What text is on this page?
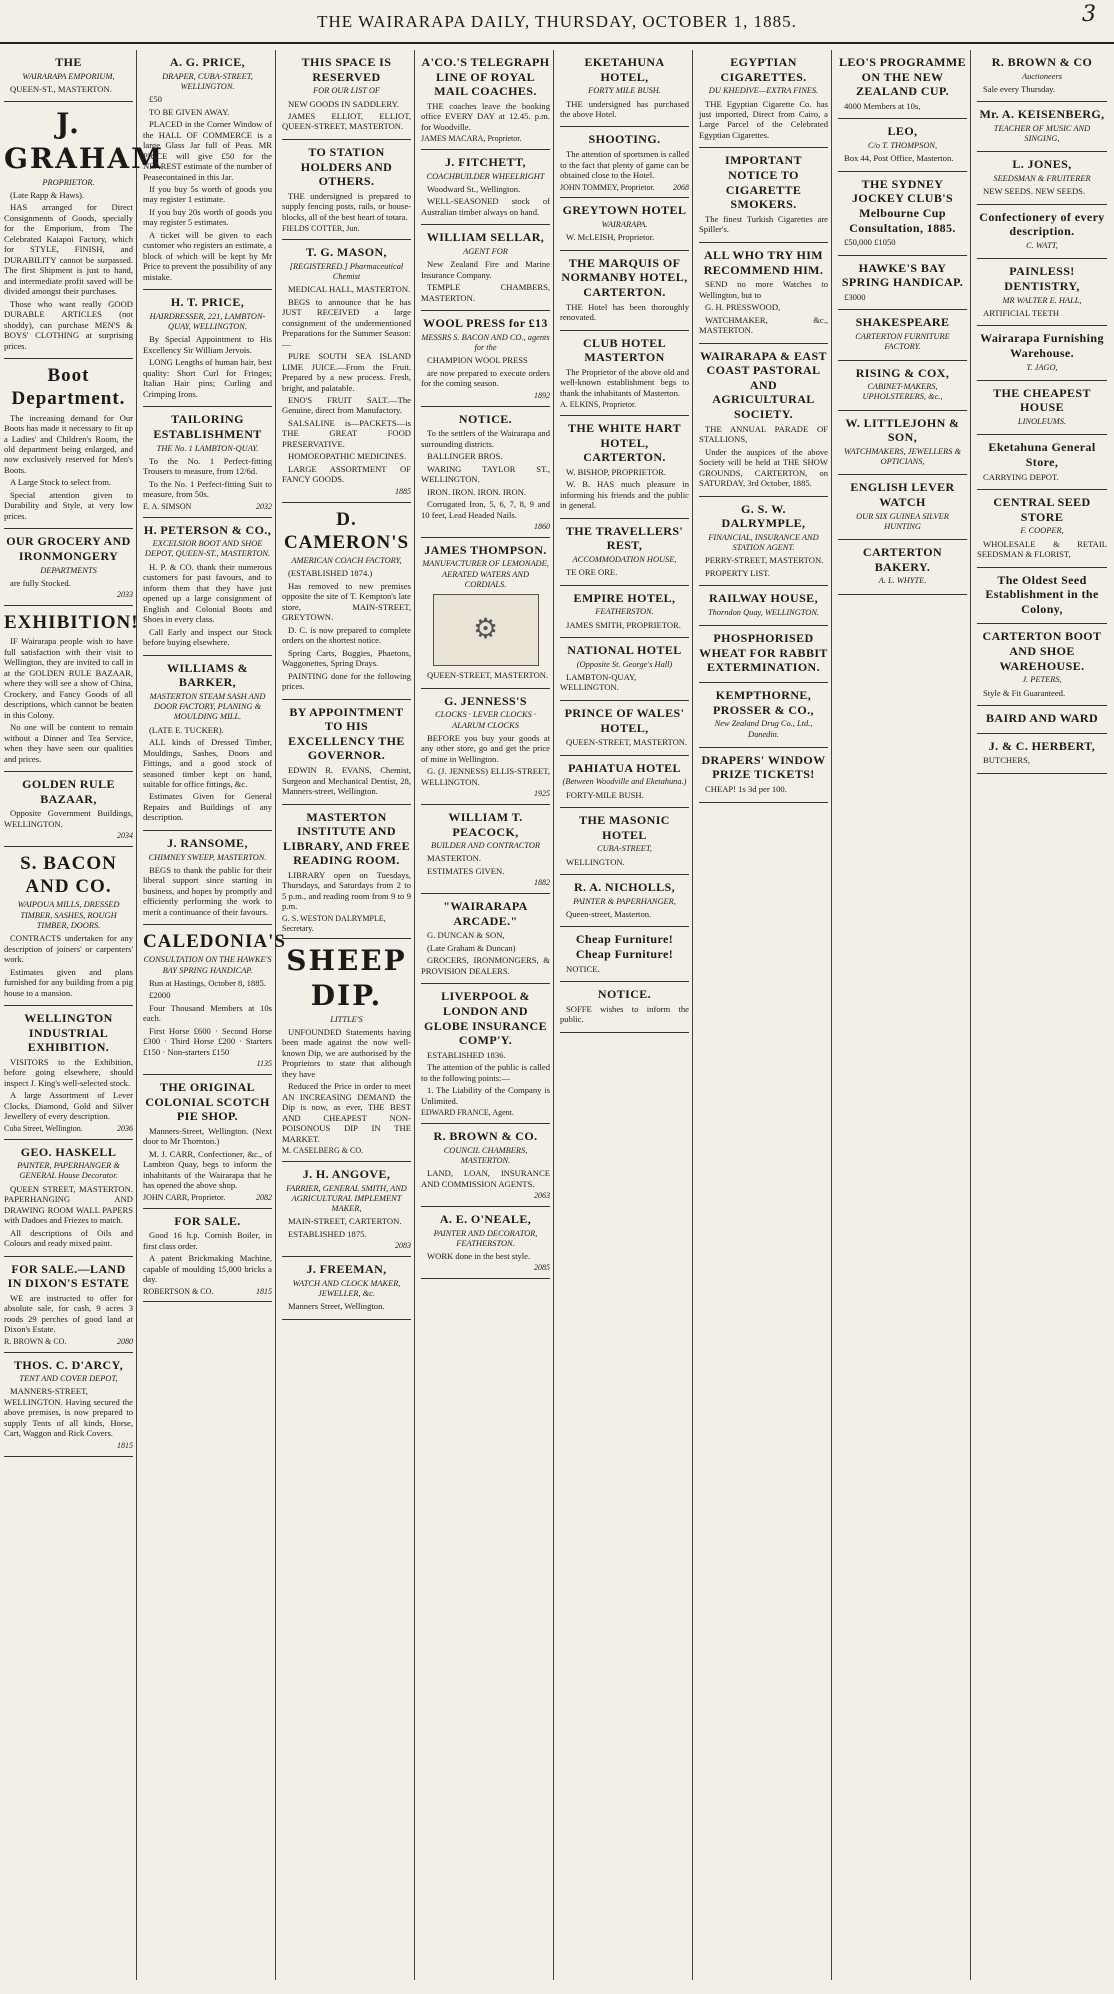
THE WAIRARAPA DAILY, THURSDAY, OCTOBER 1, 1885.	3
THE
WAIRARAPA EMPORIUM,

QUEEN-ST., MASTERTON.

J. GRAHAM
PROPRIETOR.

(Late Rapp & Haws).

HAS arranged for Direct Consignments of Goods, specially for the Emporium, from The Celebrated Kaiapoi Factory, which for STYLE, FINISH, and DURABILITY cannot be surpassed. The first Shipment is just to hand, and intermediate profit saved will be divided amongst their purchases.

Those who want really GOOD DURABLE ARTICLES (not shoddy), can purchase MEN'S & BOYS' CLOTHING at surprising prices.

Boot Department.

The increasing demand for Our Boots has made it necessary to fit up a Ladies' and Children's Room, the old department being enlarged, and now exclusively reserved for Men's Boots.

A Large Stock to select from.

Special attention given to Durability and Style, at very low prices.

OUR GROCERY AND IRONMONGERY
DEPARTMENTS

are fully Stocked.

2033
EXHIBITION!

IF Wairarapa people wish to have full satisfaction with their visit to Wellington, they are invited to call in at the GOLDEN RULE BAZAAR, where they will see a show of China, Crockery, and Fancy Goods of all descriptions, which cannot be beaten in this Colony.

No one will be content to remain without a Dinner and Tea Service, when they have seen our qualities and prices.

GOLDEN RULE BAZAAR,

Opposite Government Buildings, WELLINGTON.

2034
S. BACON AND CO.
WAIPOUA MILLS, DRESSED TIMBER, SASHES, ROUGH TIMBER, DOORS.

CONTRACTS undertaken for any description of joiners' or carpenters' work.

Estimates given and plans furnished for any building from a pig house to a mansion.

WELLINGTON INDUSTRIAL EXHIBITION.

VISITORS to the Exhibition, before going elsewhere, should inspect J. King's well-selected stock.

A large Assortment of Lever Clocks, Diamond, Gold and Silver Jewellery of every description.

Cuba Street, Wellington.	2036
GEO. HASKELL
PAINTER, PAPERHANGER & GENERAL House Decorator.

QUEEN STREET, MASTERTON. PAPERHANGING AND DRAWING ROOM WALL PAPERS with Dadoes and Friezes to match.

All descriptions of Oils and Colours and ready mixed paint.

FOR SALE.—LAND IN DIXON'S ESTATE

WE are instructed to offer for absolute sale, for cash, 9 acres 3 roods 29 perches of good land at Dixon's Estate.

R. BROWN & CO.	2080
THOS. C. D'ARCY,
TENT AND COVER DEPOT,

MANNERS-STREET, WELLINGTON. Having secured the above premises, is now prepared to supply Tents of all kinds, Horse, Cart, Waggon and Rick Covers.

1815
A. G. PRICE,
DRAPER, CUBA-STREET, WELLINGTON.

£50

TO BE GIVEN AWAY.

PLACED in the Corner Window of the HALL OF COMMERCE is a large Glass Jar full of Peas. MR PRICE will give £50 for the NEAREST estimate of the number of Peasecontained in this Jar.

If you buy 5s worth of goods you may register 1 estimate.

If you buy 20s worth of goods you may register 5 estimates.

A ticket will be given to each customer who registers an estimate, a block of which will be kept by Mr Price to prevent the possibility of any mistake.

H. T. PRICE,
HAIRDRESSER, 221, LAMBTON-QUAY, WELLINGTON.

By Special Appointment to His Excellency Sir William Jervois.

LONG Lengths of human hair, best quality: Short Curl for Fringes; Italian Hair pins; Curling and Crimping Irons.

TAILORING ESTABLISHMENT
THE No. 1 LAMBTON-QUAY.

To the No. 1 Perfect-fitting Trousers to measure, from 12/6d.

To the No. 1 Perfect-fitting Suit to measure, from 50s.

E. A. SIMSON	2032
H. PETERSON & CO.,
EXCELSIOR BOOT AND SHOE DEPOT, QUEEN-ST., MASTERTON.

H. P. & CO. thank their numerous customers for past favours, and to inform them that they have just opened up a large consignment of English and Colonial Boots and Shoes in every class.

Call Early and inspect our Stock before buying elsewhere.

WILLIAMS & BARKER,
MASTERTON STEAM SASH AND DOOR FACTORY, PLANING & MOULDING MILL.

(LATE E. TUCKER).

ALL kinds of Dressed Timber, Mouldings, Sashes, Doors and Fittings, and a good stock of seasoned timber kept on hand, suitable for office fittings, &c.

Estimates Given for General Repairs and Buildings of any description.

J. RANSOME,
CHIMNEY SWEEP, MASTERTON.

BEGS to thank the public for their liberal support since starting in business, and hopes by promptly and efficiently performing the work to merit a continuance of their favours.

CALEDONIA'S
CONSULTATION ON THE HAWKE'S BAY SPRING HANDICAP.

Run at Hastings, October 8, 1885.

£2000

Four Thousand Members at 10s each.

First Horse £600 · Second Horse £300 · Third Horse £200 · Starters £150 · Non-starters £150

1135
THE ORIGINAL COLONIAL SCOTCH PIE SHOP.

Manners-Street, Wellington. (Next door to Mr Thornton.)

M. J. CARR, Confectioner, &c., of Lambton Quay, begs to inform the inhabitants of the Wairarapa that he has opened the above shop.

JOHN CARR, Proprietor.	2082
FOR SALE.

Good 16 h.p. Cornish Boiler, in first class order.

A patent Brickmaking Machine, capable of moulding 15,000 bricks a day.

ROBERTSON & CO.	1815
THIS SPACE IS RESERVED
FOR OUR LIST OF

NEW GOODS IN SADDLERY.

JAMES ELLIOT, ELLIOT, QUEEN-STREET, MASTERTON.

TO STATION HOLDERS AND OTHERS.

THE undersigned is prepared to supply fencing posts, rails, or house-blocks, all of the best heart of totara.

FIELDS COTTER, Jun.
T. G. MASON,
[REGISTERED.] Pharmaceutical Chemist

MEDICAL HALL, MASTERTON.

BEGS to announce that he has JUST RECEIVED a large consignment of the undermentioned Preparations for the Summer Season:—

PURE SOUTH SEA ISLAND LIME JUICE.—From the Fruit. Prepared by a new process. Fresh, bright, and palatable.

ENO'S FRUIT SALT.—The Genuine, direct from Manufactory.

SALSALINE is—PACKETS—is THE GREAT FOOD PRESERVATIVE.

HOMOEOPATHIC MEDICINES.

LARGE ASSORTMENT OF FANCY GOODS.

1885
D. CAMERON'S
AMERICAN COACH FACTORY,

(ESTABLISHED 1874.)

Has removed to new premises opposite the site of T. Kempton's late store, MAIN-STREET, GREYTOWN.

D. C. is now prepared to complete orders on the shortest notice.

Spring Carts, Buggies, Phaetons, Waggonettes, Spring Drays.

PAINTING done for the following prices.

BY APPOINTMENT TO HIS EXCELLENCY THE GOVERNOR.

EDWIN R. EVANS, Chemist, Surgeon and Mechanical Dentist, 28, Manners-street, Wellington.

MASTERTON INSTITUTE AND LIBRARY, AND FREE READING ROOM.

LIBRARY open on Tuesdays, Thursdays, and Saturdays from 2 to 5 p.m., and reading room from 9 to 9 p.m.

G. S. WESTON DALRYMPLE, Secretary.
SHEEP DIP.
LITTLE'S

UNFOUNDED Statements having been made against the now well-known Dip, we are authorised by the Proprietors to state that although they have

Reduced the Price in order to meet AN INCREASING DEMAND the Dip is now, as ever, THE BEST AND CHEAPEST NON-POISONOUS DIP IN THE MARKET.

M. CASELBERG & CO.
J. H. ANGOVE,
FARRIER, GENERAL SMITH, AND AGRICULTURAL IMPLEMENT MAKER,

MAIN-STREET, CARTERTON.

ESTABLISHED 1875.

2083
J. FREEMAN,
WATCH AND CLOCK MAKER, JEWELLER, &c.

Manners Street, Wellington.

A'CO.'S TELEGRAPH LINE OF ROYAL MAIL COACHES.

THE coaches leave the booking office EVERY DAY at 12.45. p.m. for Woodville.

JAMES MACARA, Proprietor.
J. FITCHETT,
COACHBUILDER WHEELRIGHT

Woodward St., Wellington.

WELL-SEASONED stock of Australian timber always on hand.

WILLIAM SELLAR,
AGENT FOR

New Zealand Fire and Marine Insurance Company.

TEMPLE CHAMBERS, MASTERTON.

WOOL PRESS for £13
MESSRS S. BACON AND CO., agents for the

CHAMPION WOOL PRESS

are now prepared to execute orders for the coming season.

1892
NOTICE.

To the settlers of the Wairarapa and surrounding districts.

BALLINGER BROS.

WARING TAYLOR ST., WELLINGTON.

IRON. IRON. IRON. IRON.

Corrugated Iron, 5, 6, 7, 8, 9 and 10 feet, Lead Headed Nails.

1860
JAMES THOMPSON.
MANUFACTURER OF LEMONADE, AERATED WATERS AND CORDIALS.
⚙

QUEEN-STREET, MASTERTON.

G. JENNESS'S
CLOCKS · LEVER CLOCKS · ALARUM CLOCKS

BEFORE you buy your goods at any other store, go and get the price of mine in Wellington.

G. (J. JENNESS) ELLIS-STREET, WELLINGTON.

1925
WILLIAM T. PEACOCK,
BUILDER AND CONTRACTOR

MASTERTON.

ESTIMATES GIVEN.

1882
"WAIRARAPA ARCADE."

G. DUNCAN & SON,

(Late Graham & Duncan)

GROCERS, IRONMONGERS, & PROVISION DEALERS.

LIVERPOOL & LONDON AND GLOBE INSURANCE COMP'Y.

ESTABLISHED 1836.

The attention of the public is called to the following points:—

1. The Liability of the Company is Unlimited.

EDWARD FRANCE, Agent.
R. BROWN & CO.
COUNCIL CHAMBERS, MASTERTON.

LAND, LOAN, INSURANCE AND COMMISSION AGENTS.

2063
A. E. O'NEALE,
PAINTER AND DECORATOR, FEATHERSTON.

WORK done in the best style.

2085
EKETAHUNA HOTEL,
FORTY MILE BUSH.

THE undersigned has purchased the above Hotel.

SHOOTING.

The attention of sportsmen is called to the fact that plenty of game can be obtained close to the Hotel.

JOHN TOMMEY, Proprietor. 2068
GREYTOWN HOTEL
WAIRARAPA.

W. McLEISH, Proprietor.

THE MARQUIS OF NORMANBY HOTEL, CARTERTON.

THE Hotel has been thoroughly renovated.

CLUB HOTEL MASTERTON

The Proprietor of the above old and well-known establishment begs to thank the inhabitants of Masterton.

A. ELKINS, Proprietor.
THE WHITE HART HOTEL, CARTERTON.

W. BISHOP, PROPRIETOR.

W. B. HAS much pleasure in informing his friends and the public in general.

THE TRAVELLERS' REST,
ACCOMMODATION HOUSE,

TE ORE ORE.

EMPIRE HOTEL,
FEATHERSTON.

JAMES SMITH, PROPRIETOR.

NATIONAL HOTEL
(Opposite St. George's Hall)

LAMBTON-QUAY, WELLINGTON.

PRINCE OF WALES' HOTEL,

QUEEN-STREET, MASTERTON.

PAHIATUA HOTEL
(Between Woodville and Eketahuna.)

FORTY-MILE BUSH.

THE MASONIC HOTEL
CUBA-STREET,

WELLINGTON.

R. A. NICHOLLS,
PAINTER & PAPERHANGER,

Queen-street, Masterton.

Cheap Furniture! Cheap Furniture!

NOTICE.

NOTICE.

SOFFE wishes to inform the public.

EGYPTIAN CIGARETTES.
DU KHEDIVE—EXTRA FINES.

THE Egyptian Cigarette Co. has just imported, Direct from Cairo, a Large Parcel of the Celebrated Egyptian Cigarettes.

IMPORTANT NOTICE TO CIGARETTE SMOKERS.

The finest Turkish Cigarettes are Spiller's.

ALL WHO TRY HIM RECOMMEND HIM.

SEND no more Watches to Wellington, but to

G. H. PRESSWOOD,

WATCHMAKER, &c., MASTERTON.

WAIRARAPA & EAST COAST PASTORAL AND AGRICULTURAL SOCIETY.

THE ANNUAL PARADE OF STALLIONS,

Under the auspices of the above Society will be held at THE SHOW GROUNDS, CARTERTON, on SATURDAY, 3rd October, 1885.

G. S. W. DALRYMPLE,
FINANCIAL, INSURANCE AND STATION AGENT.

PERRY-STREET, MASTERTON.

PROPERTY LIST.

RAILWAY HOUSE,
Thorndon Quay, WELLINGTON.
PHOSPHORISED WHEAT FOR RABBIT EXTERMINATION.
KEMPTHORNE, PROSSER & CO.,
New Zealand Drug Co., Ltd., Dunedin.
DRAPERS' WINDOW PRIZE TICKETS!

CHEAP! 1s 3d per 100.

LEO'S PROGRAMME ON THE NEW ZEALAND CUP.

4000 Members at 10s,

LEO,
C/o T. THOMPSON,

Box 44, Post Office, Masterton.

THE SYDNEY JOCKEY CLUB'S Melbourne Cup Consultation, 1885.

£50,000 £1050

HAWKE'S BAY SPRING HANDICAP.

£3000

SHAKESPEARE
CARTERTON FURNITURE FACTORY.
RISING & COX,
CABINET-MAKERS, UPHOLSTERERS, &c.,
W. LITTLEJOHN & SON,
WATCHMAKERS, JEWELLERS & OPTICIANS,
ENGLISH LEVER WATCH
OUR SIX GUINEA SILVER HUNTING
CARTERTON BAKERY.
A. L. WHYTE.
R. BROWN & CO
Auctioneers

Sale every Thursday.

Mr. A. KEISENBERG,
TEACHER OF MUSIC AND SINGING,
L. JONES,
SEEDSMAN & FRUITERER

NEW SEEDS. NEW SEEDS.

Confectionery of every description.
C. WATT,
PAINLESS! DENTISTRY,
MR WALTER E. HALL,

ARTIFICIAL TEETH

Wairarapa Furnishing Warehouse.
T. JAGO,
THE CHEAPEST HOUSE
LINOLEUMS.
Eketahuna General Store,

CARRYING DEPOT.

CENTRAL SEED STORE
F. COOPER,

WHOLESALE & RETAIL SEEDSMAN & FLORIST,

The Oldest Seed Establishment in the Colony,
CARTERTON BOOT AND SHOE WAREHOUSE.
J. PETERS,

Style & Fit Guaranteed.

BAIRD AND WARD
J. & C. HERBERT,

BUTCHERS,
